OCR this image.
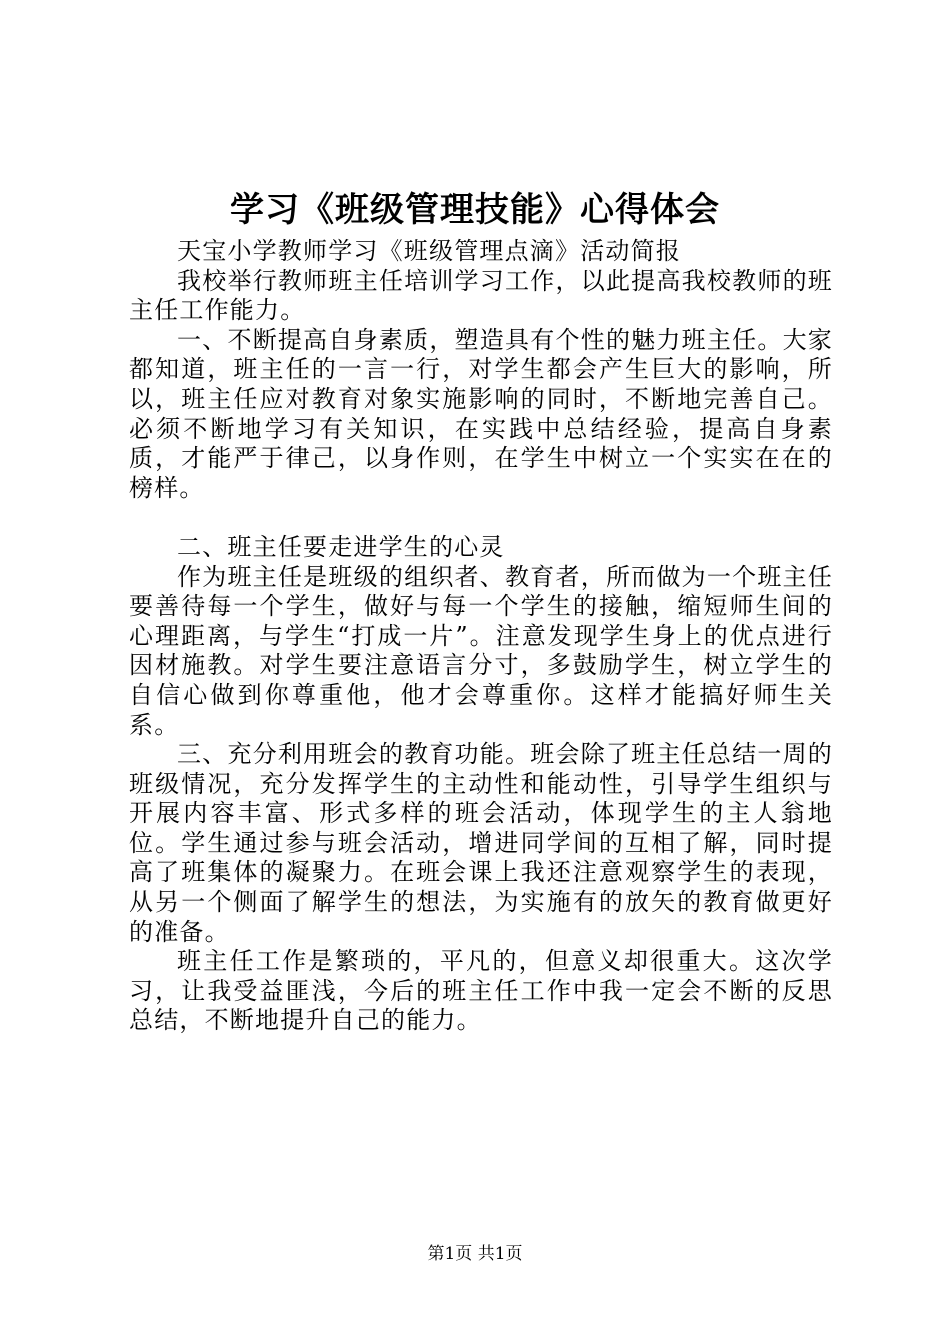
学习《班级管理技能》心得体会

天宝小学教师学习《班级管理点滴》活动简报

我校举行教师班主任培训学习工作，以此提高我校教师的班主任工作能力。

一、不断提高自身素质，塑造具有个性的魅力班主任。大家都知道，班主任的一言一行，对学生都会产生巨大的影响，所以，班主任应对教育对象实施影响的同时，不断地完善自己。必须不断地学习有关知识，在实践中总结经验，提高自身素质，才能严于律己，以身作则，在学生中树立一个实实在在的榜样。

二、班主任要走进学生的心灵

作为班主任是班级的组织者、教育者，所而做为一个班主任要善待每一个学生，做好与每一个学生的接触，缩短师生间的心理距离，与学生“打成一片”。注意发现学生身上的优点进行因材施教。对学生要注意语言分寸，多鼓励学生，树立学生的自信心做到你尊重他，他才会尊重你。这样才能搞好师生关系。

三、充分利用班会的教育功能。班会除了班主任总结一周的班级情况，充分发挥学生的主动性和能动性，引导学生组织与开展内容丰富、形式多样的班会活动，体现学生的主人翁地位。学生通过参与班会活动，增进同学间的互相了解，同时提高了班集体的凝聚力。在班会课上我还注意观察学生的表现，从另一个侧面了解学生的想法，为实施有的放矢的教育做更好的准备。

班主任工作是繁琐的，平凡的，但意义却很重大。这次学习，让我受益匪浅，今后的班主任工作中我一定会不断的反思总结，不断地提升自己的能力。

第1页 共1页
